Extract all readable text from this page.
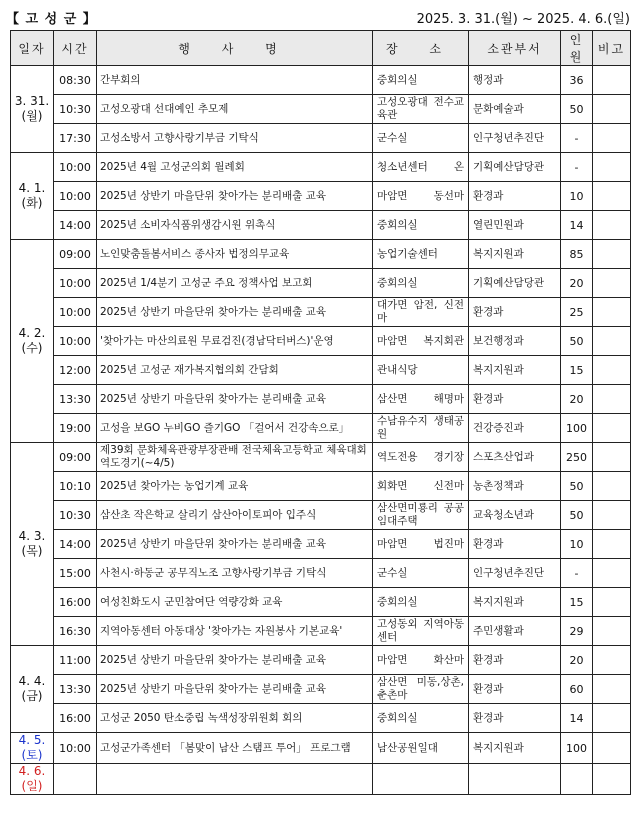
【 고 성 군 】	2025. 3. 31.(월) ~ 2025. 4. 6.(일)
일자	시간	행 사 명	장 소	소관부서	인원	비고

3. 31.
(월)	08:30	간부회의	중회의실	행정과	36	
	10:30	고성오광대 선대예인 추모제	고성오광대 전수교육관	문화예술과	50	
	17:30	고성소방서 고향사랑기부금 기탁식	군수실	인구청년추진단	-	

4. 1.
(화)	10:00	2025년 4월 고성군의회 월례회	청소년센터 온	기획예산담당관	-	
	10:00	2025년 상반기 마을단위 찾아가는 분리배출 교육	마암면 동선마	환경과	10	
	14:00	2025년 소비자식품위생감시원 위촉식	중회의실	열린민원과	14	

4. 2.
(수)	09:00	노인맞춤돌봄서비스 종사자 법정의무교육	농업기술센터	복지지원과	85	
	10:00	2025년 1/4분기 고성군 주요 정책사업 보고회	중회의실	기획예산담당관	20	
	10:00	2025년 상반기 마을단위 찾아가는 분리배출 교육	대가면 암전, 신전마	환경과	25	
	10:00	'찾아가는 마산의료원 무료검진(경남닥터버스)'운영	마암면 복지회관	보건행정과	50	
	12:00	2025년 고성군 재가복지협의회 간담회	관내식당	복지지원과	15	
	13:30	2025년 상반기 마을단위 찾아가는 분리배출 교육	삼산면 해명마	환경과	20	
	19:00	고성을 보GO 누비GO 즐기GO 「걸어서 건강속으로」	수남유수지 생태공원	건강증진과	100	

4. 3.
(목)	09:00	제39회 문화체육관광부장관배 전국체육고등학교 체육대회 역도경기(~4/5)	역도전용 경기장	스포츠산업과	250	
	10:10	2025년 찾아가는 농업기계 교육	회화면 신전마	농촌정책과	50	
	10:30	삼산초 작은학교 살리기 삼산아이토피아 입주식	삼산면미룡리 공공임대주택	교육청소년과	50	
	14:00	2025년 상반기 마을단위 찾아가는 분리배출 교육	마암면 법진마	환경과	10	
	15:00	사천시·하동군 공무직노조 고향사랑기부금 기탁식	군수실	인구청년추진단	-	
	16:00	여성친화도시 군민참여단 역량강화 교육	중회의실	복지지원과	15	
	16:30	지역아동센터 아동대상 '찾아가는 자원봉사 기본교육'	고성동외 지역아동센터	주민생활과	29	

4. 4.
(금)	11:00	2025년 상반기 마을단위 찾아가는 분리배출 교육	마암면 화산마	환경과	20	
	13:30	2025년 상반기 마을단위 찾아가는 분리배출 교육	삼산면 미동,상촌,춘촌마	환경과	60	
	16:00	고성군 2050 탄소중립 녹색성장위원회 회의	중회의실	환경과	14	

4. 5.
(토)	10:00	고성군가족센터 「봄맞이 남산 스탬프 투어」 프로그램	남산공원일대	복지지원과	100	

4. 6.
(일)						
